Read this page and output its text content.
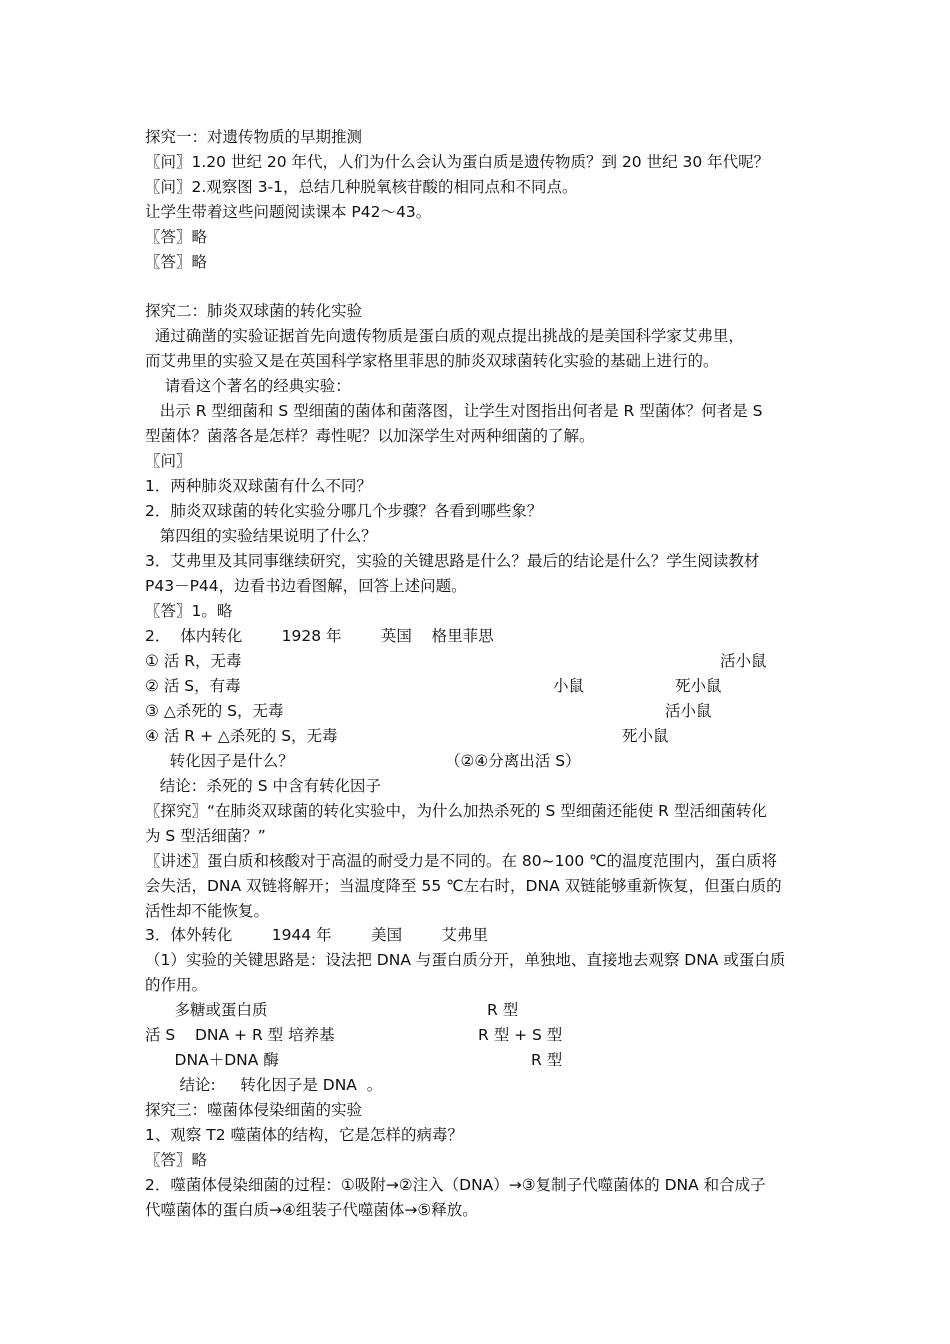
探究一：对遗传物质的早期推测
〖问〗1.20 世纪 20 年代，人们为什么会认为蛋白质是遗传物质？到 20 世纪 30 年代呢？
〖问〗2.观察图 3-1，总结几种脱氧核苷酸的相同点和不同点。
让学生带着这些问题阅读课本 P42～43。
〖答〗略
〖答〗略
探究二：肺炎双球菌的转化实验
通过确凿的实验证据首先向遗传物质是蛋白质的观点提出挑战的是美国科学家艾弗里，
而艾弗里的实验又是在英国科学家格里菲思的肺炎双球菌转化实验的基础上进行的。
请看这个著名的经典实验：
出示 R 型细菌和 S 型细菌的菌体和菌落图，让学生对图指出何者是 R 型菌体？何者是 S
型菌体？菌落各是怎样？毒性呢？以加深学生对两种细菌的了解。
〖问〗
1．两种肺炎双球菌有什么不同？
2．肺炎双球菌的转化实验分哪几个步骤？各看到哪些象？
第四组的实验结果说明了什么？
3．艾弗里及其同事继续研究，实验的关键思路是什么？最后的结论是什么？学生阅读教材
P43－P44，边看书边看图解，回答上述问题。
〖答〗1。略
2．  体内转化        1928 年        英国    格里菲思
① 活 R，无毒	活小鼠
② 活 S，有毒	小鼠	死小鼠
③ △杀死的 S，无毒	活小鼠
④ 活 R + △杀死的 S，无毒	死小鼠
转化因子是什么？	（②④分离出活 S）
结论：杀死的 S 中含有转化因子
〖探究〗“在肺炎双球菌的转化实验中，为什么加热杀死的 S 型细菌还能使 R 型活细菌转化
为 S 型活细菌？”
〖讲述〗蛋白质和核酸对于高温的耐受力是不同的。在 80~100 ℃的温度范围内，蛋白质将
会失活，DNA 双链将解开；当温度降至 55 ℃左右时，DNA 双链能够重新恢复，但蛋白质的
活性却不能恢复。
3．体外转化        1944 年        美国        艾弗里
（1）实验的关键思路是：设法把 DNA 与蛋白质分开，单独地、直接地去观察 DNA 或蛋白质
的作用。
多糖或蛋白质	R 型
活 S    DNA + R 型 培养基	R 型 + S 型
DNA＋DNA 酶	R 型
结论:     转化因子是 DNA  。
探究三：噬菌体侵染细菌的实验
1、观察 T2 噬菌体的结构，它是怎样的病毒？
〖答〗略
2．噬菌体侵染细菌的过程：①吸附→②注入（DNA）→③复制子代噬菌体的 DNA 和合成子
代噬菌体的蛋白质→④组装子代噬菌体→⑤释放。
